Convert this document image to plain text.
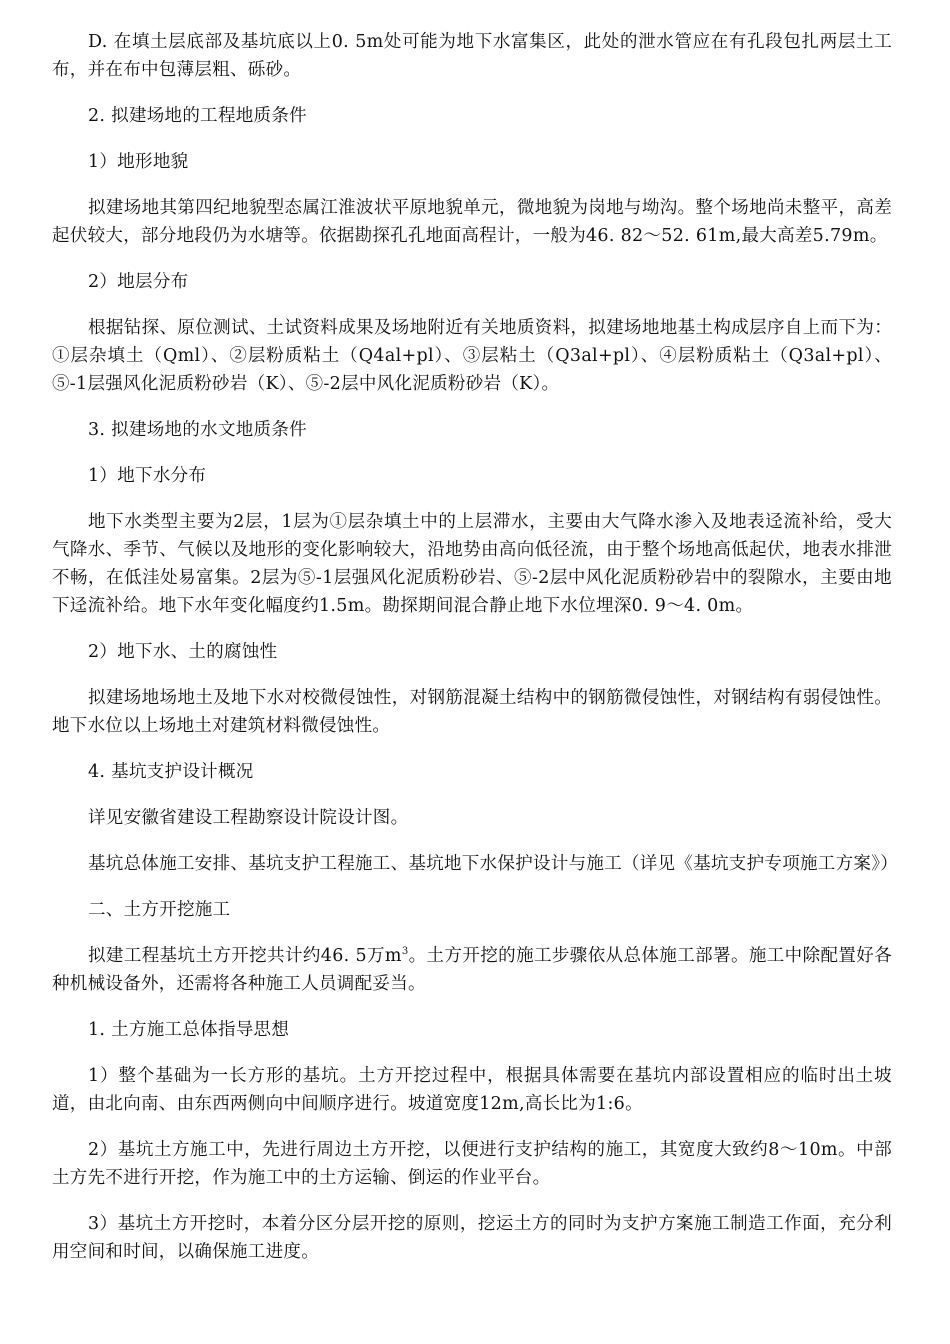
D. 在填土层底部及基坑底以上0. 5m处可能为地下水富集区，此处的泄水管应在有孔段包扎两层土工布，并在布中包薄层粗、砾砂。

2. 拟建场地的工程地质条件

1）地形地貌

拟建场地其第四纪地貌型态属江淮波状平原地貌单元，微地貌为岗地与坳沟。整个场地尚未整平，高差起伏较大，部分地段仍为水塘等。依据勘探孔孔地面高程计，一般为46. 82～52. 61m,最大高差5.79m。

2）地层分布

根据钻探、原位测试、土试资料成果及场地附近有关地质资料，拟建场地地基土构成层序自上而下为：①层杂填土（Qml）、②层粉质粘土（Q4al+pl）、③层粘土（Q3al+pl）、④层粉质粘土（Q3al+pl）、⑤-1层强风化泥质粉砂岩（K）、⑤-2层中风化泥质粉砂岩（K）。

3. 拟建场地的水文地质条件

1）地下水分布

地下水类型主要为2层，1层为①层杂填土中的上层滞水，主要由大气降水渗入及地表迳流补给，受大气降水、季节、气候以及地形的变化影响较大，沿地势由高向低径流，由于整个场地高低起伏，地表水排泄不畅，在低洼处易富集。2层为⑤-1层强风化泥质粉砂岩、⑤-2层中风化泥质粉砂岩中的裂隙水，主要由地下迳流补给。地下水年变化幅度约1.5m。勘探期间混合静止地下水位埋深0. 9～4. 0m。

2）地下水、土的腐蚀性

拟建场地场地土及地下水对校微侵蚀性，对钢筋混凝土结构中的钢筋微侵蚀性，对钢结构有弱侵蚀性。地下水位以上场地土对建筑材料微侵蚀性。

4. 基坑支护设计概况

详见安徽省建设工程勘察设计院设计图。

基坑总体施工安排、基坑支护工程施工、基坑地下水保护设计与施工（详见《基坑支护专项施工方案》）

二、土方开挖施工

拟建工程基坑土方开挖共计约46. 5万$m^3$。土方开挖的施工步骤依从总体施工部署。施工中除配置好各种机械设备外，还需将各种施工人员调配妥当。

1. 土方施工总体指导思想

1）整个基础为一长方形的基坑。土方开挖过程中，根据具体需要在基坑内部设置相应的临时出土坡道，由北向南、由东西两侧向中间顺序进行。坡道宽度12m,高长比为1:6。

2）基坑土方施工中，先进行周边土方开挖，以便进行支护结构的施工，其宽度大致约8～10m。中部土方先不进行开挖，作为施工中的土方运输、倒运的作业平台。

3）基坑土方开挖时，本着分区分层开挖的原则，挖运土方的同时为支护方案施工制造工作面，充分利用空间和时间，以确保施工进度。
